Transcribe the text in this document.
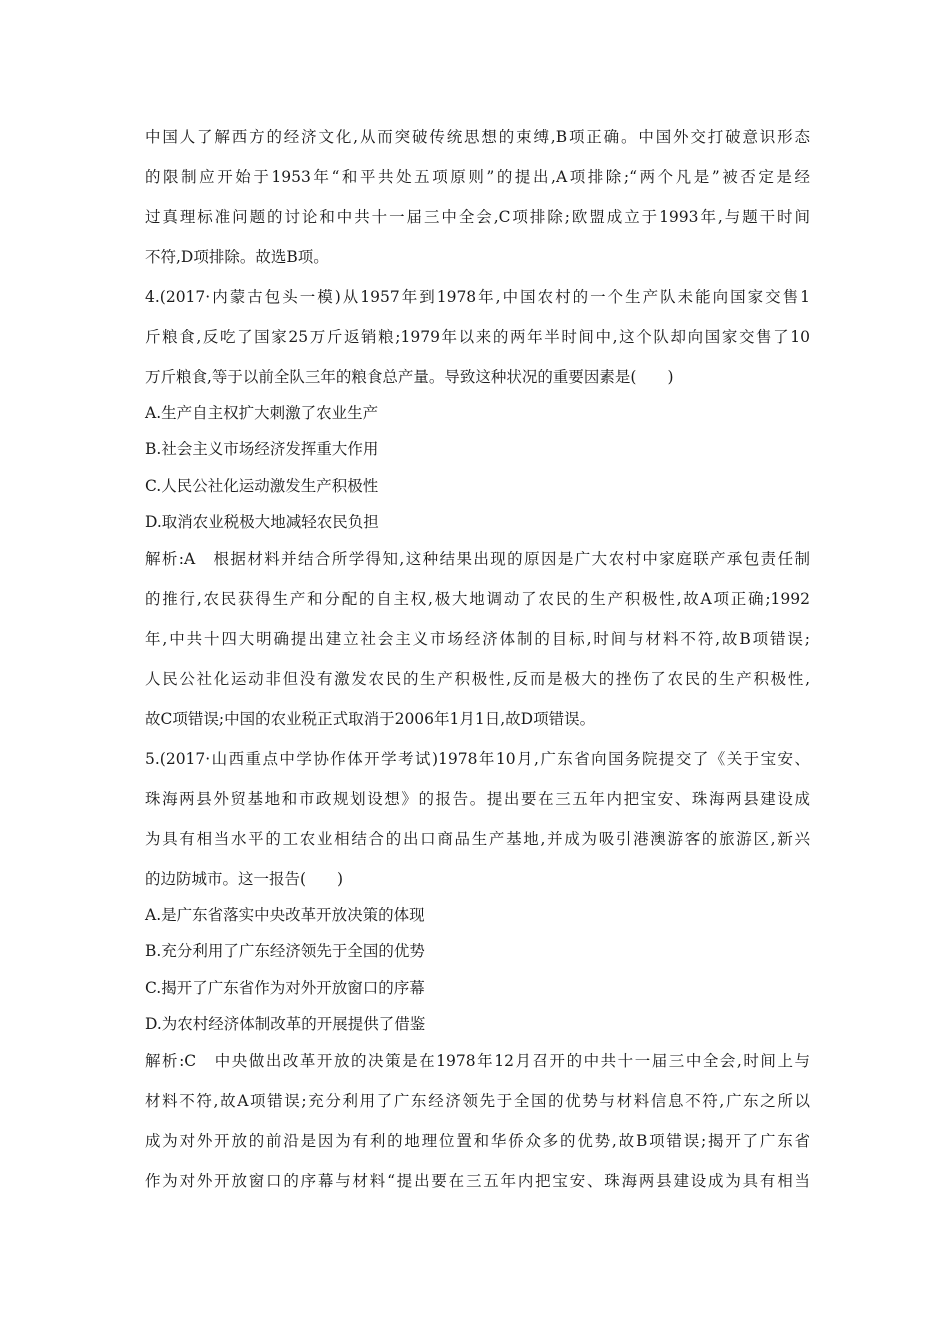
中国人了解西方的经济文化,从而突破传统思想的束缚,B项正确。中国外交打破意识形态
的限制应开始于1953年“和平共处五项原则”的提出,A项排除;“两个凡是”被否定是经
过真理标准问题的讨论和中共十一届三中全会,C项排除;欧盟成立于1993年,与题干时间
不符,D项排除。故选B项。
4.(2017·内蒙古包头一模)从1957年到1978年,中国农村的一个生产队未能向国家交售1
斤粮食,反吃了国家25万斤返销粮;1979年以来的两年半时间中,这个队却向国家交售了10
万斤粮食,等于以前全队三年的粮食总产量。导致这种状况的重要因素是(　　)
A.生产自主权扩大刺激了农业生产
B.社会主义市场经济发挥重大作用
C.人民公社化运动激发生产积极性
D.取消农业税极大地减轻农民负担
解析:A　根据材料并结合所学得知,这种结果出现的原因是广大农村中家庭联产承包责任制
的推行,农民获得生产和分配的自主权,极大地调动了农民的生产积极性,故A项正确;1992
年,中共十四大明确提出建立社会主义市场经济体制的目标,时间与材料不符,故B项错误;
人民公社化运动非但没有激发农民的生产积极性,反而是极大的挫伤了农民的生产积极性,
故C项错误;中国的农业税正式取消于2006年1月1日,故D项错误。
5.(2017·山西重点中学协作体开学考试)1978年10月,广东省向国务院提交了《关于宝安、
珠海两县外贸基地和市政规划设想》的报告。提出要在三五年内把宝安、珠海两县建设成
为具有相当水平的工农业相结合的出口商品生产基地,并成为吸引港澳游客的旅游区,新兴
的边防城市。这一报告(　　)
A.是广东省落实中央改革开放决策的体现
B.充分利用了广东经济领先于全国的优势
C.揭开了广东省作为对外开放窗口的序幕
D.为农村经济体制改革的开展提供了借鉴
解析:C　中央做出改革开放的决策是在1978年12月召开的中共十一届三中全会,时间上与
材料不符,故A项错误;充分利用了广东经济领先于全国的优势与材料信息不符,广东之所以
成为对外开放的前沿是因为有利的地理位置和华侨众多的优势,故B项错误;揭开了广东省
作为对外开放窗口的序幕与材料“提出要在三五年内把宝安、珠海两县建设成为具有相当
